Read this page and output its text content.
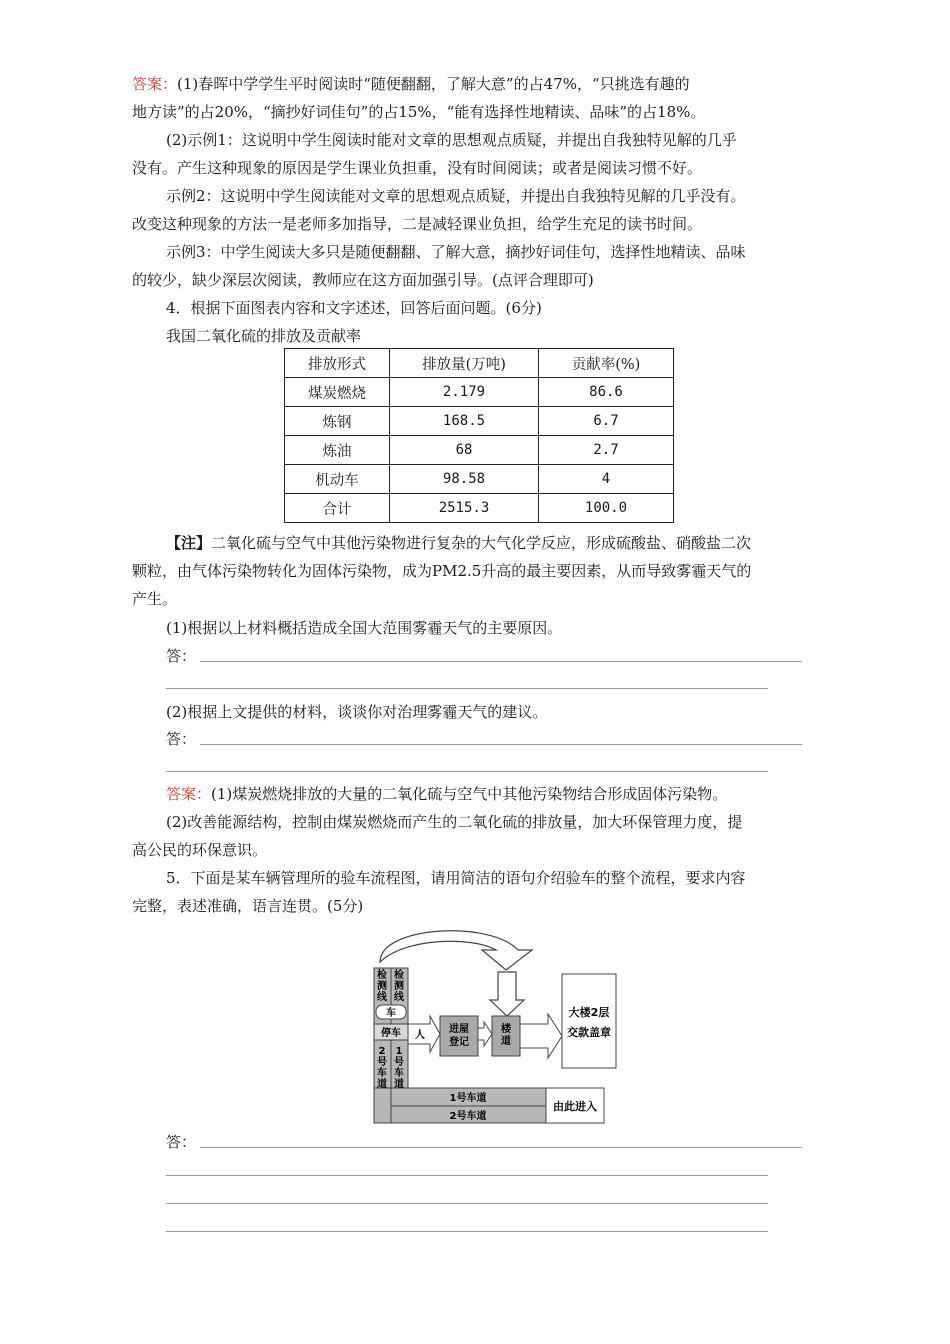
答案：(1)春晖中学学生平时阅读时“随便翻翻，了解大意”的占47%，“只挑选有趣的

地方读”的占20%，“摘抄好词佳句”的占15%，“能有选择性地精读、品味”的占18%。

(2)示例1：这说明中学生阅读时能对文章的思想观点质疑，并提出自我独特见解的几乎

没有。产生这种现象的原因是学生课业负担重，没有时间阅读；或者是阅读习惯不好。

示例2：这说明中学生阅读能对文章的思想观点质疑，并提出自我独特见解的几乎没有。

改变这种现象的方法一是老师多加指导，二是减轻课业负担，给学生充足的读书时间。

示例3：中学生阅读大多只是随便翻翻、了解大意，摘抄好词佳句，选择性地精读、品味

的较少，缺少深层次阅读，教师应在这方面加强引导。(点评合理即可)

4．根据下面图表内容和文字述述，回答后面问题。(6分)

我国二氧化硫的排放及贡献率

排放形式	排放量(万吨)	贡献率(%)
煤炭燃烧	2.179	86.6
炼钢	168.5	6.7
炼油	68	2.7
机动车	98.58	4
合计	2515.3	100.0

【注】二氧化硫与空气中其他污染物进行复杂的大气化学反应，形成硫酸盐、硝酸盐二次

颗粒，由气体污染物转化为固体污染物，成为PM2.5升高的最主要因素，从而导致雾霾天气的

产生。

(1)根据以上材料概括造成全国大范围雾霾天气的主要原因。

答：

(2)根据上文提供的材料，谈谈你对治理雾霾天气的建议。

答：

答案：(1)煤炭燃烧排放的大量的二氧化硫与空气中其他污染物结合形成固体污染物。

(2)改善能源结构，控制由煤炭燃烧而产生的二氧化硫的排放量，加大环保管理力度，提

高公民的环保意识。

5．下面是某车辆管理所的验车流程图，请用简洁的语句介绍验车的整个流程，要求内容

完整，表述准确，语言连贯。(5分)

检测线
检测线
车
停车
2 号车道
1 号车道
1号车道
2号车道
由此进入
人
进屋登记
楼道
大楼2层
交款盖章
答：
